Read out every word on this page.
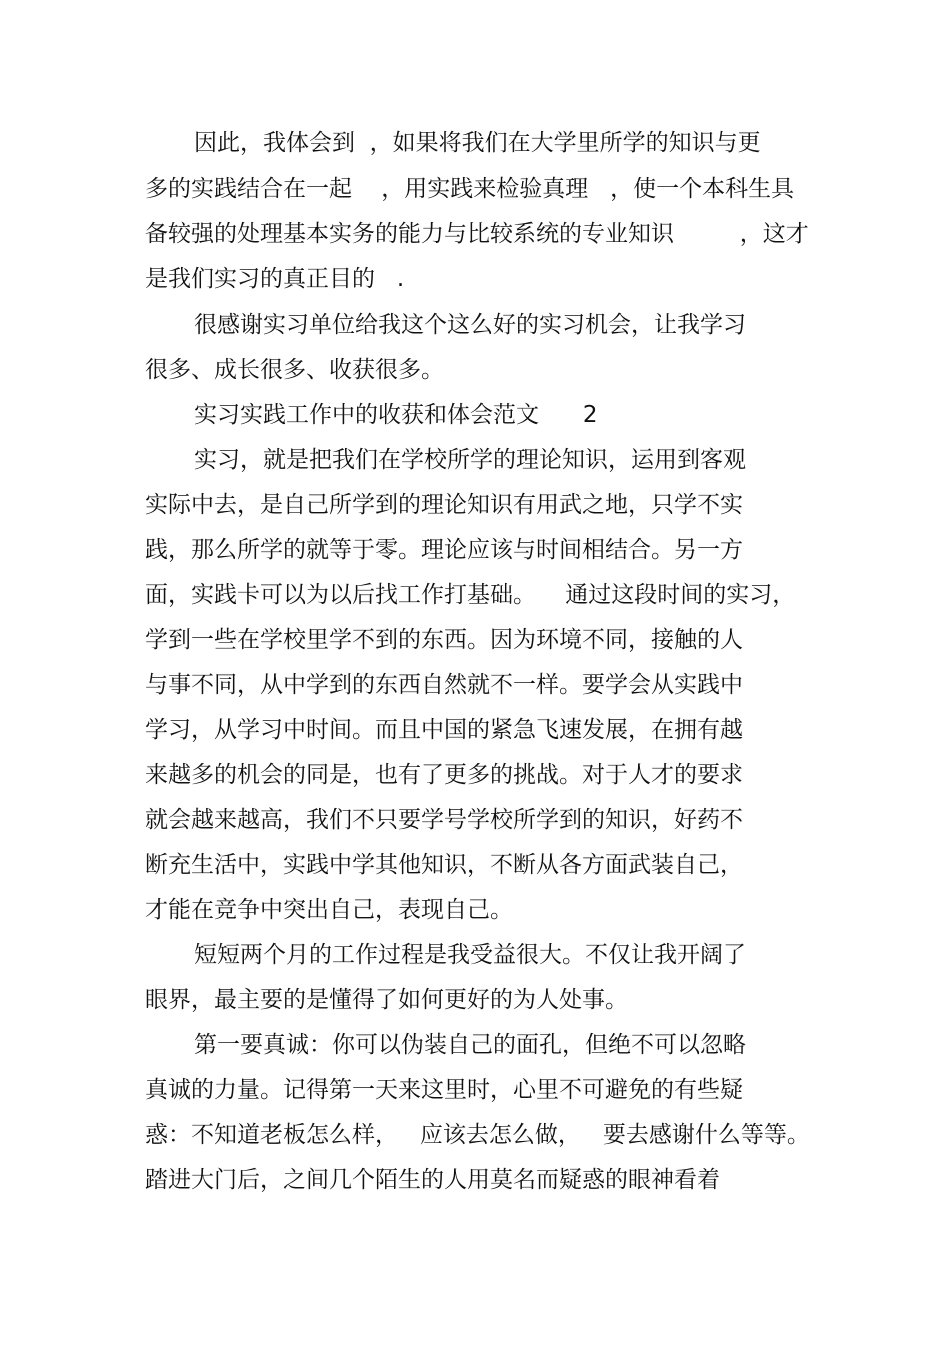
因此，我体会到  ，如果将我们在大学里所学的知识与更
多的实践结合在一起    ，用实践来检验真理   ，使一个本科生具
备较强的处理基本实务的能力与比较系统的专业知识         ，这才
是我们实习的真正目的   .
很感谢实习单位给我这个这么好的实习机会，让我学习
很多、成长很多、收获很多。
实习实践工作中的收获和体会范文      2
实习，就是把我们在学校所学的理论知识，运用到客观
实际中去，是自己所学到的理论知识有用武之地，只学不实
践，那么所学的就等于零。理论应该与时间相结合。另一方
面，实践卡可以为以后找工作打基础。    通过这段时间的实习，
学到一些在学校里学不到的东西。因为环境不同，接触的人
与事不同，从中学到的东西自然就不一样。要学会从实践中
学习，从学习中时间。而且中国的紧急飞速发展，在拥有越
来越多的机会的同是，也有了更多的挑战。对于人才的要求
就会越来越高，我们不只要学号学校所学到的知识，好药不
断充生活中，实践中学其他知识，不断从各方面武装自己，
才能在竞争中突出自己，表现自己。
短短两个月的工作过程是我受益很大。不仅让我开阔了
眼界，最主要的是懂得了如何更好的为人处事。
第一要真诚：你可以伪装自己的面孔，但绝不可以忽略
真诚的力量。记得第一天来这里时，心里不可避免的有些疑
惑：不知道老板怎么样，   应该去怎么做，   要去感谢什么等等。
踏进大门后，之间几个陌生的人用莫名而疑惑的眼神看着
